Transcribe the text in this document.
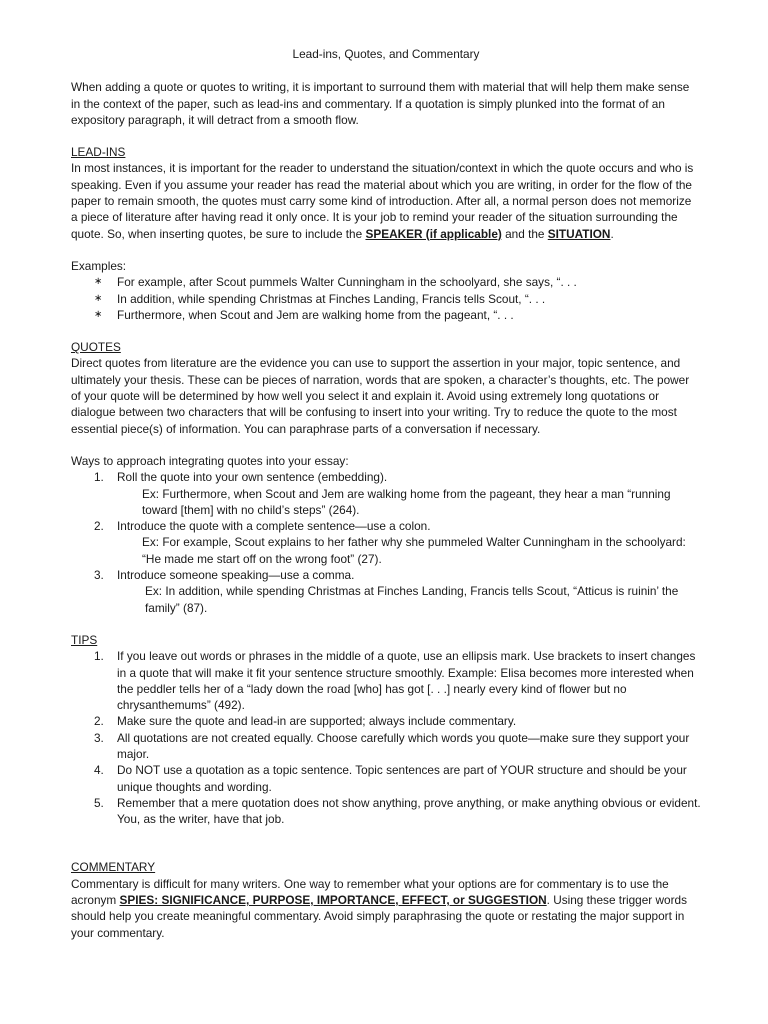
Lead-ins, Quotes, and Commentary

When adding a quote or quotes to writing, it is important to surround them with material that will help them make sense in the context of the paper, such as lead-ins and commentary. If a quotation is simply plunked into the format of an expository paragraph, it will detract from a smooth flow.

LEAD-INS

In most instances, it is important for the reader to understand the situation/context in which the quote occurs and who is speaking. Even if you assume your reader has read the material about which you are writing, in order for the flow of the paper to remain smooth, the quotes must carry some kind of introduction. After all, a normal person does not memorize a piece of literature after having read it only once. It is your job to remind your reader of the situation surrounding the quote. So, when inserting quotes, be sure to include the SPEAKER (if applicable) and the SITUATION.

Examples:

∗ For example, after Scout pummels Walter Cunningham in the schoolyard, she says, “. . .
∗ In addition, while spending Christmas at Finches Landing, Francis tells Scout, “. . .
∗ Furthermore, when Scout and Jem are walking home from the pageant, “. . .

QUOTES

Direct quotes from literature are the evidence you can use to support the assertion in your major, topic sentence, and ultimately your thesis. These can be pieces of narration, words that are spoken, a character’s thoughts, etc. The power of your quote will be determined by how well you select it and explain it. Avoid using extremely long quotations or dialogue between two characters that will be confusing to insert into your writing. Try to reduce the quote to the most essential piece(s) of information. You can paraphrase parts of a conversation if necessary.

Ways to approach integrating quotes into your essay:

1. Roll the quote into your own sentence (embedding).

Ex: Furthermore, when Scout and Jem are walking home from the pageant, they hear a man “running toward [them] with no child’s steps” (264).

2. Introduce the quote with a complete sentence—use a colon.

Ex: For example, Scout explains to her father why she pummeled Walter Cunningham in the schoolyard: “He made me start off on the wrong foot” (27).

3. Introduce someone speaking—use a comma.

Ex: In addition, while spending Christmas at Finches Landing, Francis tells Scout, “Atticus is ruinin’ the family” (87).

TIPS

1. If you leave out words or phrases in the middle of a quote, use an ellipsis mark. Use brackets to insert changes in a quote that will make it fit your sentence structure smoothly. Example: Elisa becomes more interested when the peddler tells her of a “lady down the road [who] has got [. . .] nearly every kind of flower but no chrysanthemums” (492).
2. Make sure the quote and lead-in are supported; always include commentary.
3. All quotations are not created equally. Choose carefully which words you quote—make sure they support your major.
4. Do NOT use a quotation as a topic sentence. Topic sentences are part of YOUR structure and should be your unique thoughts and wording.
5. Remember that a mere quotation does not show anything, prove anything, or make anything obvious or evident. You, as the writer, have that job.

COMMENTARY

Commentary is difficult for many writers. One way to remember what your options are for commentary is to use the acronym SPIES: SIGNIFICANCE, PURPOSE, IMPORTANCE, EFFECT, or SUGGESTION. Using these trigger words should help you create meaningful commentary. Avoid simply paraphrasing the quote or restating the major support in your commentary.
